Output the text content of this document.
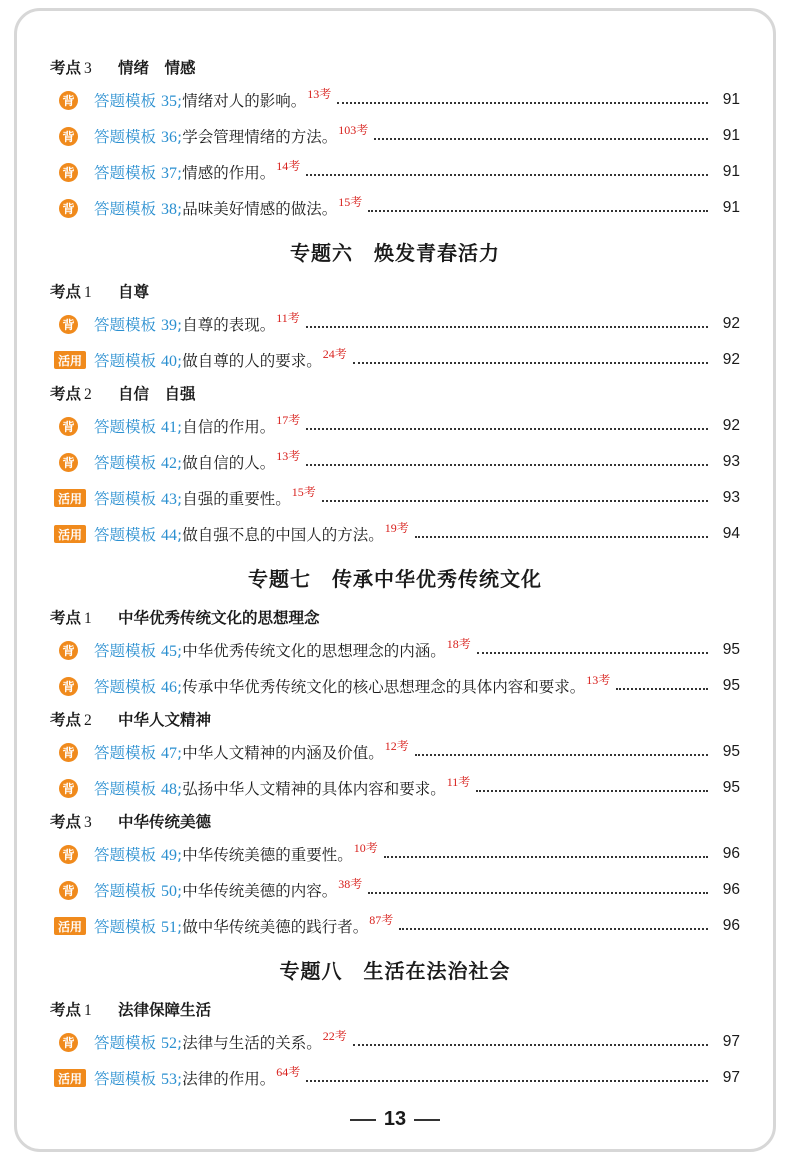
考点 3	情绪　情感
背 答题模板 35; 情绪对人的影响。 13考	91
背 答题模板 36; 学会管理情绪的方法。 103考	91
背 答题模板 37; 情感的作用。 14考	91
背 答题模板 38; 品味美好情感的做法。 15考	91
专题六　焕发青春活力
考点 1	自尊
背 答题模板 39; 自尊的表现。 11考	92
活用 答题模板 40; 做自尊的人的要求。 24考	92
考点 2	自信　自强
背 答题模板 41; 自信的作用。 17考	92
背 答题模板 42; 做自信的人。 13考	93
活用 答题模板 43; 自强的重要性。 15考	93
活用 答题模板 44; 做自强不息的中国人的方法。 19考	94
专题七　传承中华优秀传统文化
考点 1	中华优秀传统文化的思想理念
背 答题模板 45; 中华优秀传统文化的思想理念的内涵。 18考	95
背 答题模板 46; 传承中华优秀传统文化的核心思想理念的具体内容和要求。 13考	95
考点 2	中华人文精神
背 答题模板 47; 中华人文精神的内涵及价值。 12考	95
背 答题模板 48; 弘扬中华人文精神的具体内容和要求。 11考	95
考点 3	中华传统美德
背 答题模板 49; 中华传统美德的重要性。 10考	96
背 答题模板 50; 中华传统美德的内容。 38考	96
活用 答题模板 51; 做中华传统美德的践行者。 87考	96
专题八　生活在法治社会
考点 1	法律保障生活
背 答题模板 52; 法律与生活的关系。 22考	97
活用 答题模板 53; 法律的作用。 64考	97
13
